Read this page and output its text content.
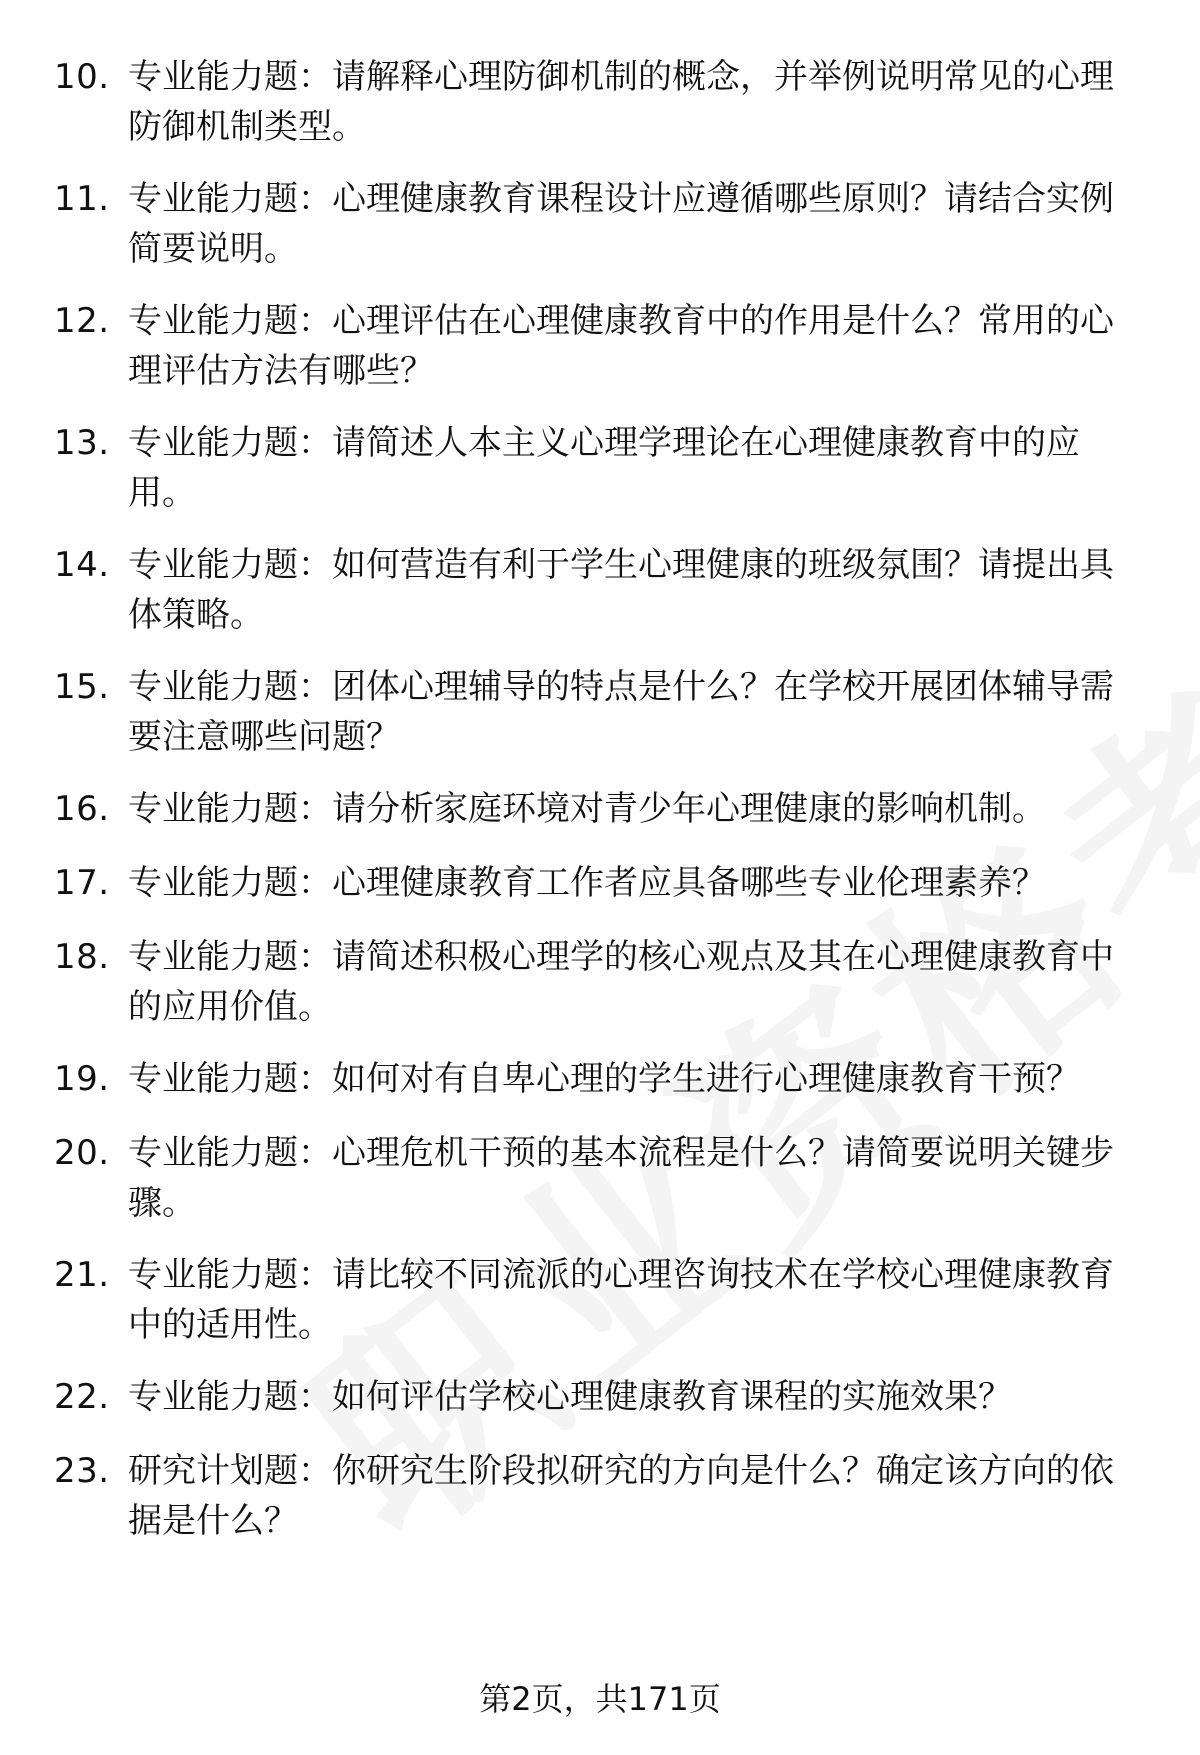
10. 专业能力题：请解释心理防御机制的概念，并举例说明常见的心理防御机制类型。
11. 专业能力题：心理健康教育课程设计应遵循哪些原则？请结合实例简要说明。
12. 专业能力题：心理评估在心理健康教育中的作用是什么？常用的心理评估方法有哪些？
13. 专业能力题：请简述人本主义心理学理论在心理健康教育中的应用。
14. 专业能力题：如何营造有利于学生心理健康的班级氛围？请提出具体策略。
15. 专业能力题：团体心理辅导的特点是什么？在学校开展团体辅导需要注意哪些问题？
16. 专业能力题：请分析家庭环境对青少年心理健康的影响机制。
17. 专业能力题：心理健康教育工作者应具备哪些专业伦理素养？
18. 专业能力题：请简述积极心理学的核心观点及其在心理健康教育中的应用价值。
19. 专业能力题：如何对有自卑心理的学生进行心理健康教育干预？
20. 专业能力题：心理危机干预的基本流程是什么？请简要说明关键步骤。
21. 专业能力题：请比较不同流派的心理咨询技术在学校心理健康教育中的适用性。
22. 专业能力题：如何评估学校心理健康教育课程的实施效果？
23. 研究计划题：你研究生阶段拟研究的方向是什么？确定该方向的依据是什么？
第2页，共171页
